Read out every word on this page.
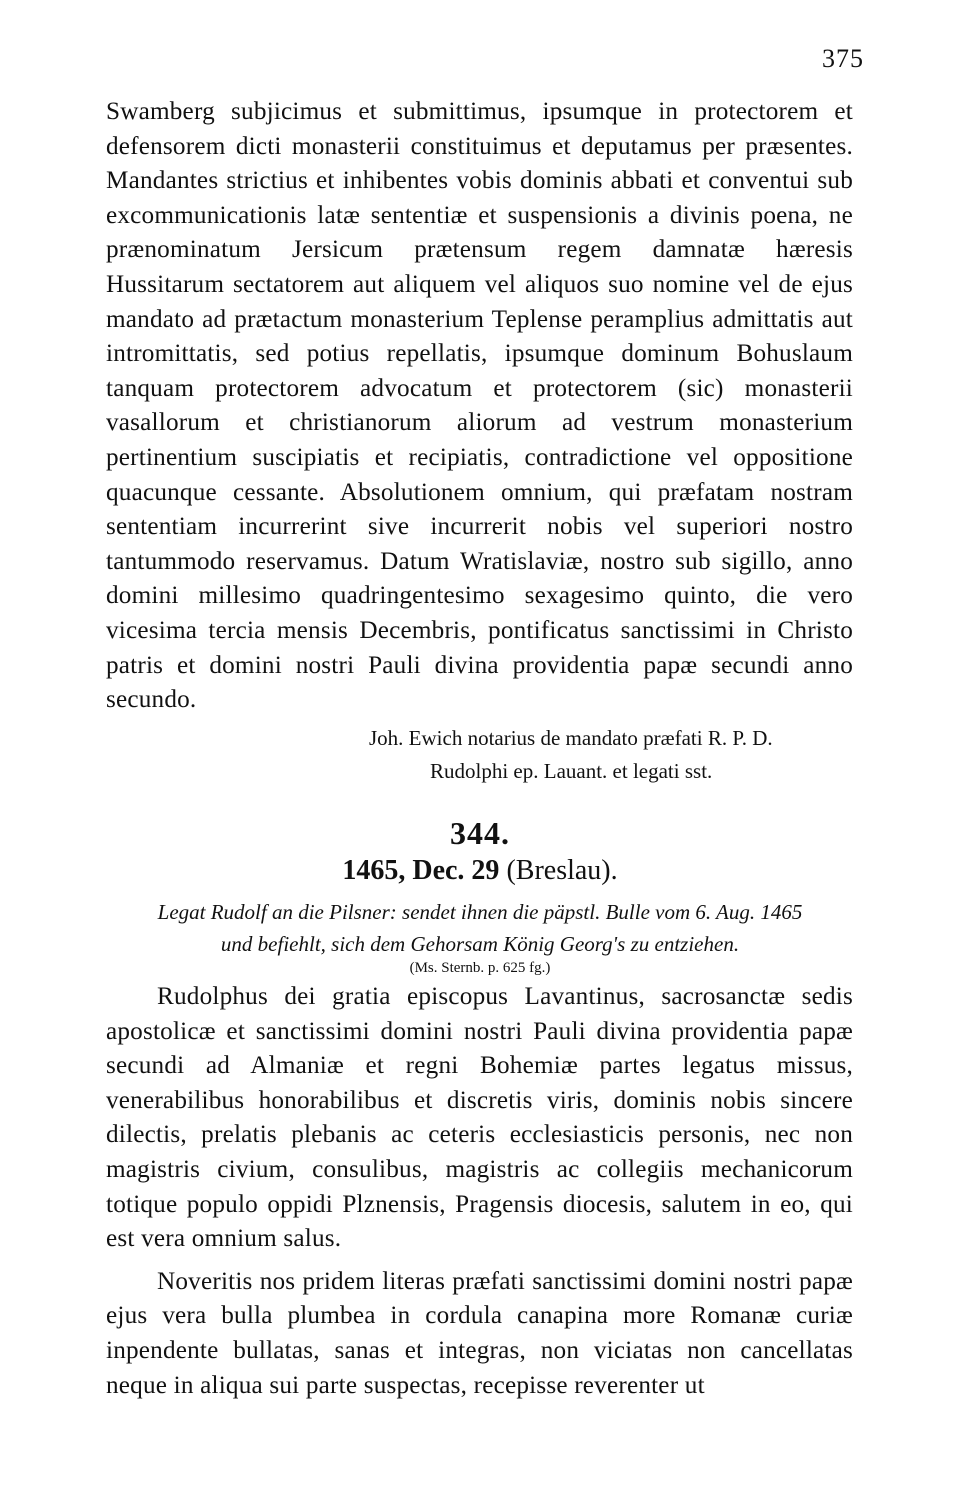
375

Swamberg subjicimus et submittimus, ipsumque in protectorem et defensorem dicti monasterii constituimus et deputamus per præsentes. Mandantes strictius et inhibentes vobis dominis abbati et conventui sub excommunicationis latæ sententiæ et suspensionis a divinis poena, ne prænominatum Jersicum prætensum regem damnatæ hæresis Hussitarum sectatorem aut aliquem vel aliquos suo nomine vel de ejus mandato ad prætactum monasterium Teplense peramplius admittatis aut intromittatis, sed potius repellatis, ipsumque dominum Bohuslaum tanquam protectorem advocatum et protectorem (sic) monasterii vasallorum et christianorum aliorum ad vestrum monasterium pertinentium suscipiatis et recipiatis, contradictione vel oppositione quacunque cessante. Absolutionem omnium, qui præfatam nostram sententiam incurrerint sive incurrerit nobis vel superiori nostro tantummodo reservamus. Datum Wratislaviæ, nostro sub sigillo, anno domini millesimo quadringentesimo sexagesimo quinto, die vero vicesima tercia mensis Decembris, pontificatus sanctissimi in Christo patris et domini nostri Pauli divina providentia papæ secundi anno secundo.

Joh. Ewich notarius de mandato præfati R. P. D.
Rudolphi ep. Lauant. et legati sst.
344.
1465, Dec. 29 (Breslau).
Legat Rudolf an die Pilsner: sendet ihnen die päpstl. Bulle vom 6. Aug. 1465
und befiehlt, sich dem Gehorsam König Georg's zu entziehen.
(Ms. Sternb. p. 625 fg.)

Rudolphus dei gratia episcopus Lavantinus, sacrosanctæ sedis apostolicæ et sanctissimi domini nostri Pauli divina providentia papæ secundi ad Almaniæ et regni Bohemiæ partes legatus missus, venerabilibus honorabilibus et discretis viris, dominis nobis sincere dilectis, prelatis plebanis ac ceteris ecclesiasticis personis, nec non magistris civium, consulibus, magistris ac collegiis mechanicorum totique populo oppidi Plznensis, Pragensis diocesis, salutem in eo, qui est vera omnium salus.

Noveritis nos pridem literas præfati sanctissimi domini nostri papæ ejus vera bulla plumbea in cordula canapina more Romanæ curiæ inpendente bullatas, sanas et integras, non viciatas non cancellatas neque in aliqua sui parte suspectas, recepisse reverenter ut
